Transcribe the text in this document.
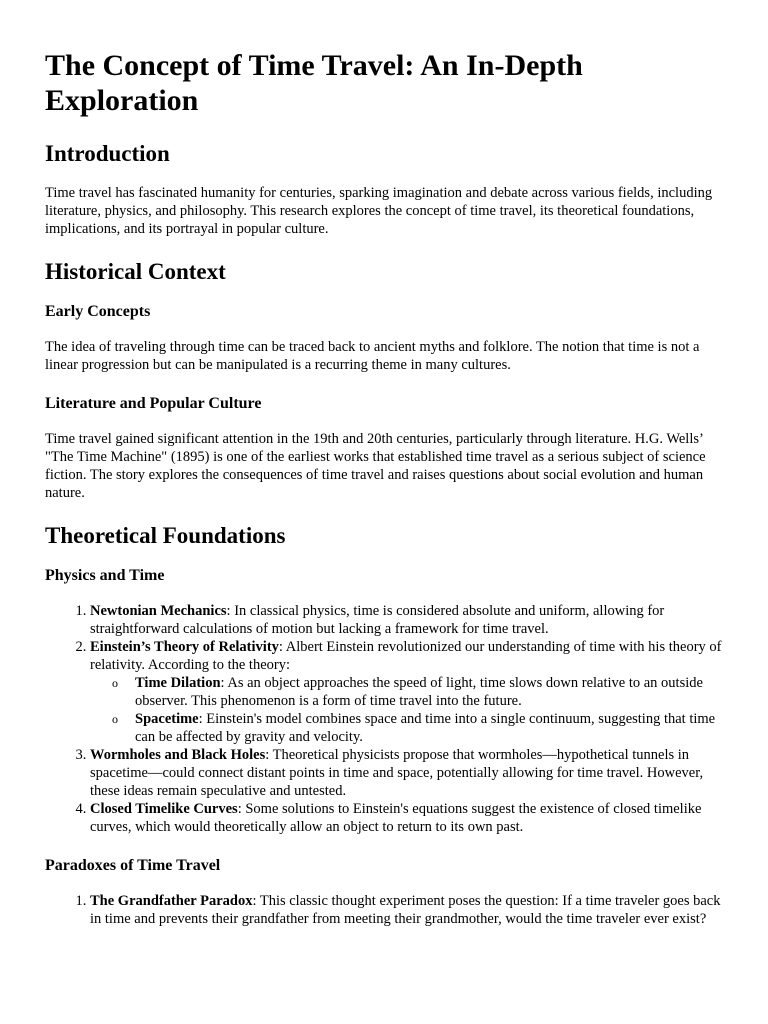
The Concept of Time Travel: An In-Depth Exploration
Introduction

Time travel has fascinated humanity for centuries, sparking imagination and debate across various fields, including literature, physics, and philosophy. This research explores the concept of time travel, its theoretical foundations, implications, and its portrayal in popular culture.

Historical Context
Early Concepts

The idea of traveling through time can be traced back to ancient myths and folklore. The notion that time is not a linear progression but can be manipulated is a recurring theme in many cultures.

Literature and Popular Culture

Time travel gained significant attention in the 19th and 20th centuries, particularly through literature. H.G. Wells’ "The Time Machine" (1895) is one of the earliest works that established time travel as a serious subject of science fiction. The story explores the consequences of time travel and raises questions about social evolution and human nature.

Theoretical Foundations
Physics and Time
1. Newtonian Mechanics: In classical physics, time is considered absolute and uniform, allowing for straightforward calculations of motion but lacking a framework for time travel.
2. Einstein’s Theory of Relativity: Albert Einstein revolutionized our understanding of time with his theory of relativity. According to the theory:
o Time Dilation: As an object approaches the speed of light, time slows down relative to an outside observer. This phenomenon is a form of time travel into the future.
o Spacetime: Einstein's model combines space and time into a single continuum, suggesting that time can be affected by gravity and velocity.
3. Wormholes and Black Holes: Theoretical physicists propose that wormholes—hypothetical tunnels in spacetime—could connect distant points in time and space, potentially allowing for time travel. However, these ideas remain speculative and untested.
4. Closed Timelike Curves: Some solutions to Einstein's equations suggest the existence of closed timelike curves, which would theoretically allow an object to return to its own past.
Paradoxes of Time Travel
1. The Grandfather Paradox: This classic thought experiment poses the question: If a time traveler goes back in time and prevents their grandfather from meeting their grandmother, would the time traveler ever exist?
